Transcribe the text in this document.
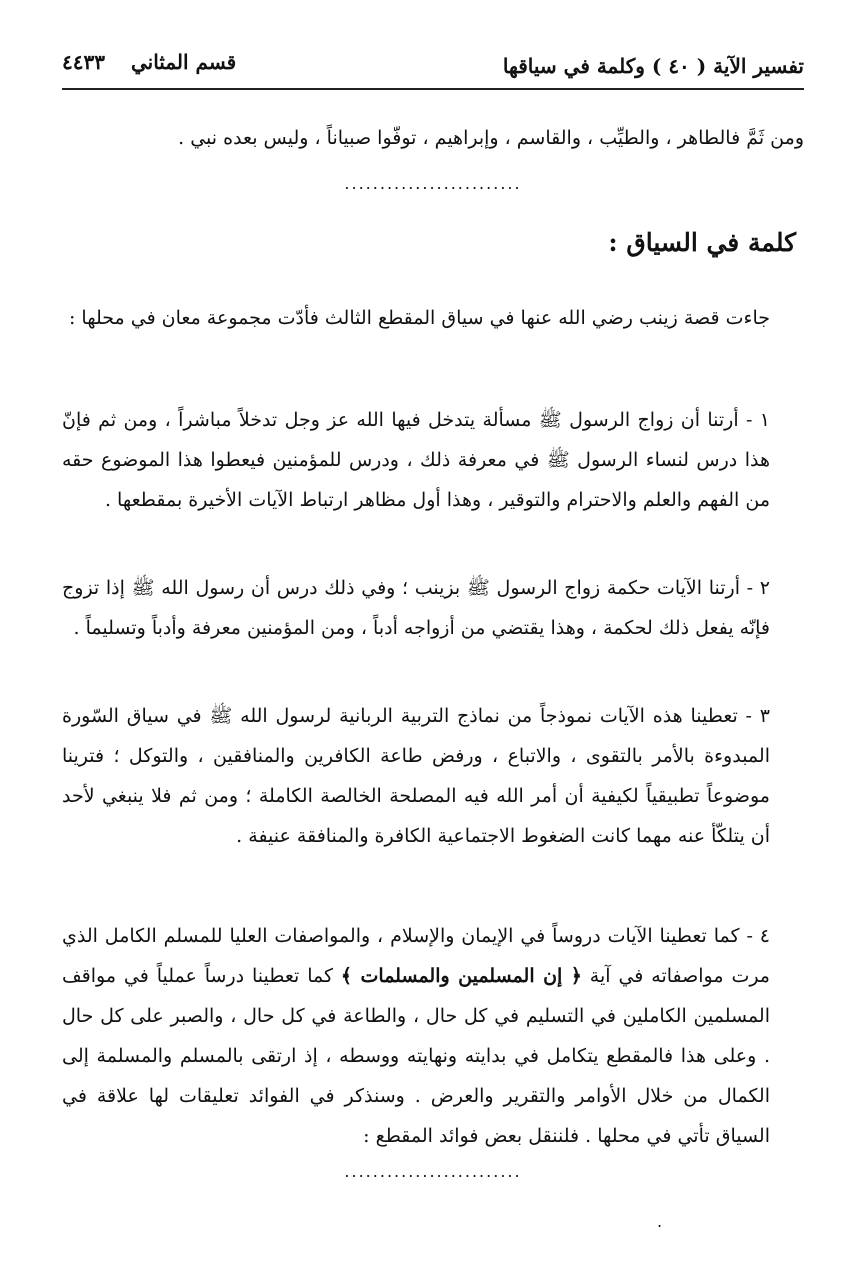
تفسير الآية ( ٤٠ ) وكلمة في سياقها
قسم المثاني
٤٤٣٣
ومن ثَمَّ فالطاهر ، والطيِّب ، والقاسم ، وإبراهيم ، توفّوا صبياناً ، وليس بعده نبي .
.........................
كلمة في السياق :
جاءت قصة زينب رضي الله عنها في سياق المقطع الثالث فأدّت مجموعة معان في محلها :

١ - أرتنا أن زواج الرسول ﷺ مسألة يتدخل فيها الله عز وجل تدخلاً مباشراً ، ومن ثم فإنّ هذا درس لنساء الرسول ﷺ في معرفة ذلك ، ودرس للمؤمنين فيعطوا هذا الموضوع حقه من الفهم والعلم والاحترام والتوقير ، وهذا أول مظاهر ارتباط الآيات الأخيرة بمقطعها .

٢ - أرتنا الآيات حكمة زواج الرسول ﷺ بزينب ؛ وفي ذلك درس أن رسول الله ﷺ إذا تزوج فإنّه يفعل ذلك لحكمة ، وهذا يقتضي من أزواجه أدباً ، ومن المؤمنين معرفة وأدباً وتسليماً .

٣ - تعطينا هذه الآيات نموذجاً من نماذج التربية الربانية لرسول الله ﷺ في سياق السّورة المبدوءة بالأمر بالتقوى ، والاتباع ، ورفض طاعة الكافرين والمنافقين ، والتوكل ؛ فترينا موضوعاً تطبيقياً لكيفية أن أمر الله فيه المصلحة الخالصة الكاملة ؛ ومن ثم فلا ينبغي لأحد أن يتلكّأ عنه مهما كانت الضغوط الاجتماعية الكافرة والمنافقة عنيفة .

٤ - كما تعطينا الآيات دروساً في الإيمان والإسلام ، والمواصفات العليا للمسلم الكامل الذي مرت مواصفاته في آية ﴿ إن المسلمين والمسلمات ﴾ كما تعطينا درساً عملياً في مواقف المسلمين الكاملين في التسليم في كل حال ، والطاعة في كل حال ، والصبر على كل حال . وعلى هذا فالمقطع يتكامل في بدايته ونهايته ووسطه ، إذ ارتقى بالمسلم والمسلمة إلى الكمال من خلال الأوامر والتقرير والعرض . وسنذكر في الفوائد تعليقات لها علاقة في السياق تأتي في محلها . فلننقل بعض فوائد المقطع :

.........................
.
